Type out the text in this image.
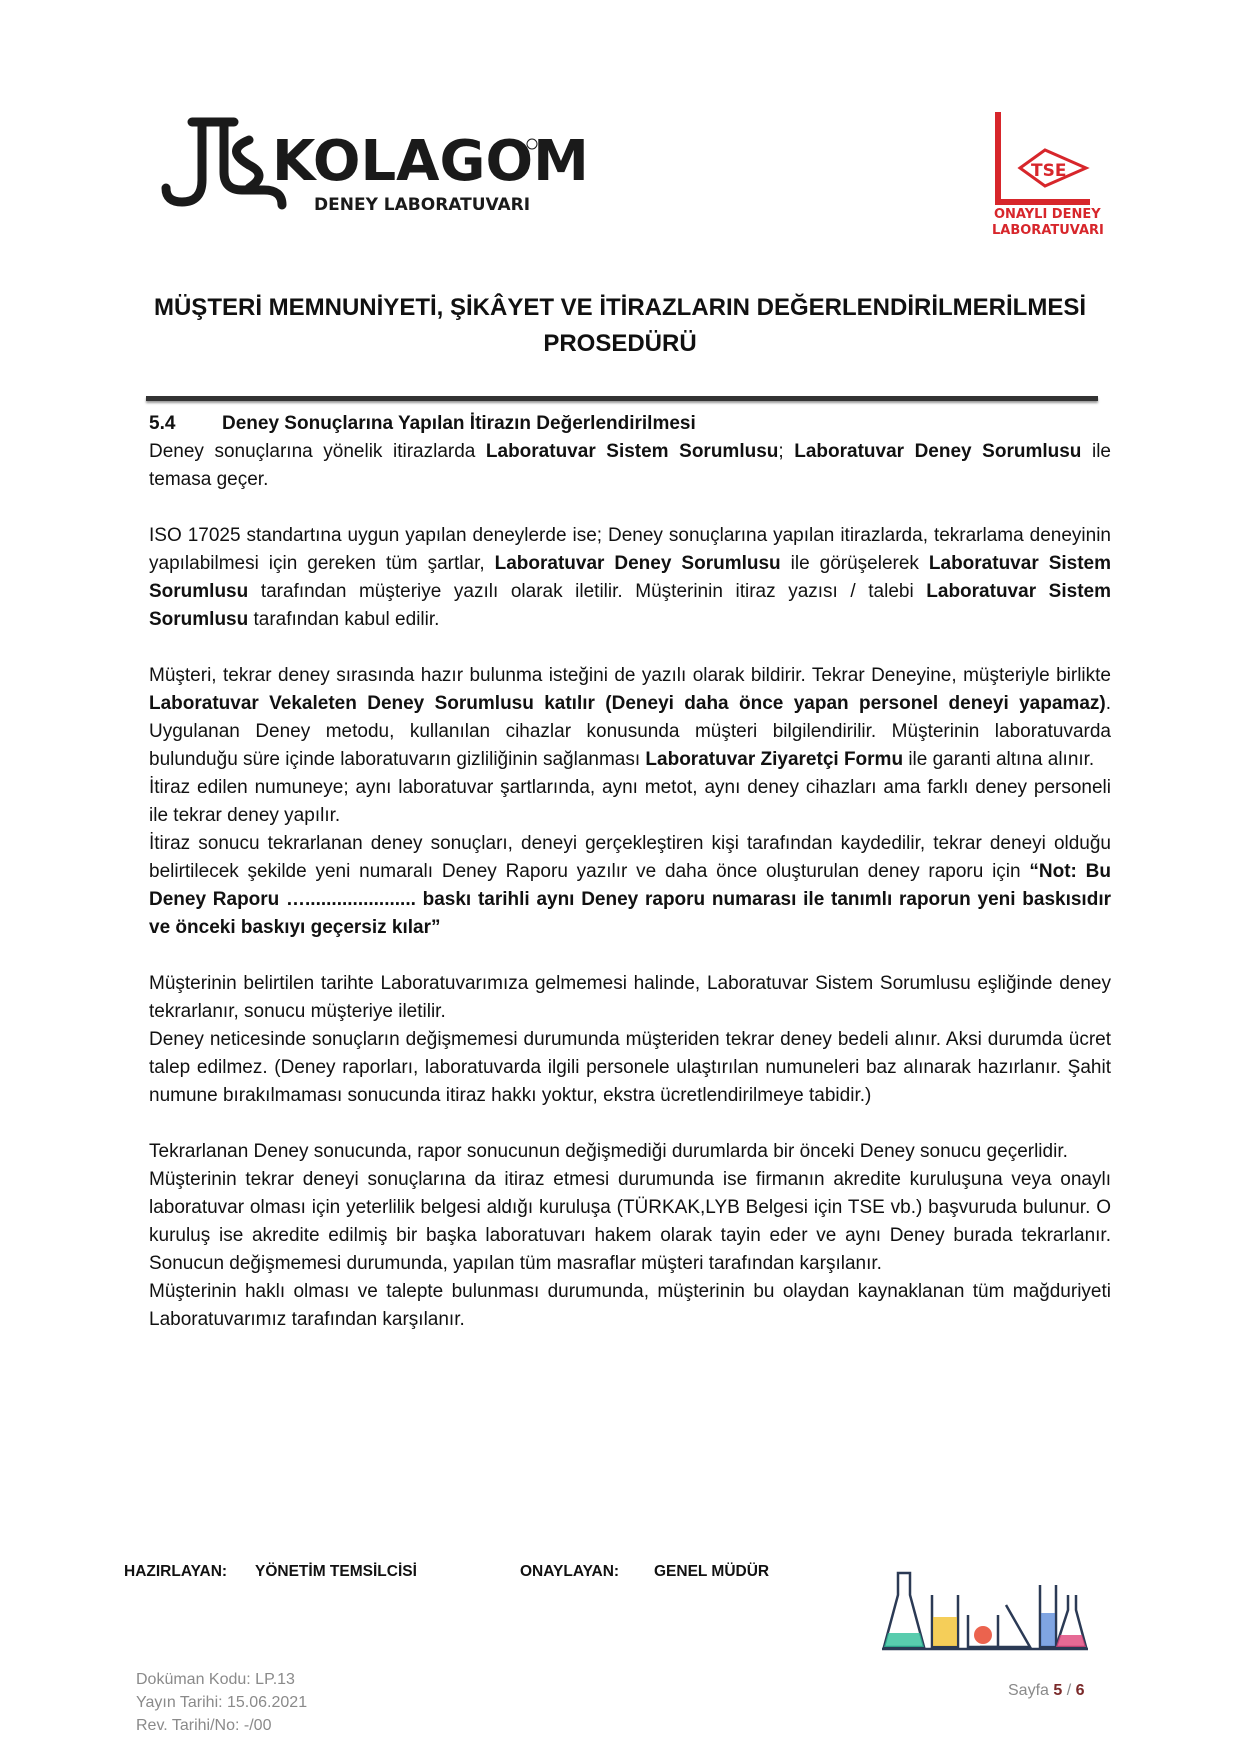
KOLAGOM
DENEY LABORATUVARI
TSE
ONAYLI DENEY
LABORATUVARI
MÜŞTERİ MEMNUNİYETİ, ŞİKÂYET VE İTİRAZLARIN DEĞERLENDİRİLMERİLMESİ
PROSEDÜRÜ

5.4 Deney Sonuçlarına Yapılan İtirazın Değerlendirilmesi

Deney sonuçlarına yönelik itirazlarda Laboratuvar Sistem Sorumlusu; Laboratuvar Deney Sorumlusu ile temasa geçer.

ISO 17025 standartına uygun yapılan deneylerde ise; Deney sonuçlarına yapılan itirazlarda, tekrarlama deneyinin yapılabilmesi için gereken tüm şartlar, Laboratuvar Deney Sorumlusu ile görüşelerek Laboratuvar Sistem Sorumlusu tarafından müşteriye yazılı olarak iletilir. Müşterinin itiraz yazısı / talebi Laboratuvar Sistem Sorumlusu tarafından kabul edilir.

Müşteri, tekrar deney sırasında hazır bulunma isteğini de yazılı olarak bildirir. Tekrar Deneyine, müşteriyle birlikte Laboratuvar Vekaleten Deney Sorumlusu katılır (Deneyi daha önce yapan personel deneyi yapamaz). Uygulanan Deney metodu, kullanılan cihazlar konusunda müşteri bilgilendirilir. Müşterinin laboratuvarda bulunduğu süre içinde laboratuvarın gizliliğinin sağlanması Laboratuvar Ziyaretçi Formu ile garanti altına alınır.

İtiraz edilen numuneye; aynı laboratuvar şartlarında, aynı metot, aynı deney cihazları ama farklı deney personeli ile tekrar deney yapılır.

İtiraz sonucu tekrarlanan deney sonuçları, deneyi gerçekleştiren kişi tarafından kaydedilir, tekrar deneyi olduğu belirtilecek şekilde yeni numaralı Deney Raporu yazılır ve daha önce oluşturulan deney raporu için “Not: Bu Deney Raporu …..................... baskı tarihli aynı Deney raporu numarası ile tanımlı raporun yeni baskısıdır ve önceki baskıyı geçersiz kılar”

Müşterinin belirtilen tarihte Laboratuvarımıza gelmemesi halinde, Laboratuvar Sistem Sorumlusu eşliğinde deney tekrarlanır, sonucu müşteriye iletilir.

Deney neticesinde sonuçların değişmemesi durumunda müşteriden tekrar deney bedeli alınır. Aksi durumda ücret talep edilmez. (Deney raporları, laboratuvarda ilgili personele ulaştırılan numuneleri baz alınarak hazırlanır. Şahit numune bırakılmaması sonucunda itiraz hakkı yoktur, ekstra ücretlendirilmeye tabidir.)

Tekrarlanan Deney sonucunda, rapor sonucunun değişmediği durumlarda bir önceki Deney sonucu geçerlidir.

Müşterinin tekrar deneyi sonuçlarına da itiraz etmesi durumunda ise firmanın akredite kuruluşuna veya onaylı laboratuvar olması için yeterlilik belgesi aldığı kuruluşa (TÜRKAK,LYB Belgesi için TSE vb.) başvuruda bulunur. O kuruluş ise akredite edilmiş bir başka laboratuvarı hakem olarak tayin eder ve aynı Deney burada tekrarlanır. Sonucun değişmemesi durumunda, yapılan tüm masraflar müşteri tarafından karşılanır.

Müşterinin haklı olması ve talepte bulunması durumunda, müşterinin bu olaydan kaynaklanan tüm mağduriyeti Laboratuvarımız tarafından karşılanır.

HAZIRLAYAN: YÖNETİM TEMSİLCİSİ	ONAYLAYAN: GENEL MÜDÜR
Doküman Kodu: LP.13
Yayın Tarihi: 15.06.2021
Rev. Tarihi/No: -/00
Sayfa 5 / 6
